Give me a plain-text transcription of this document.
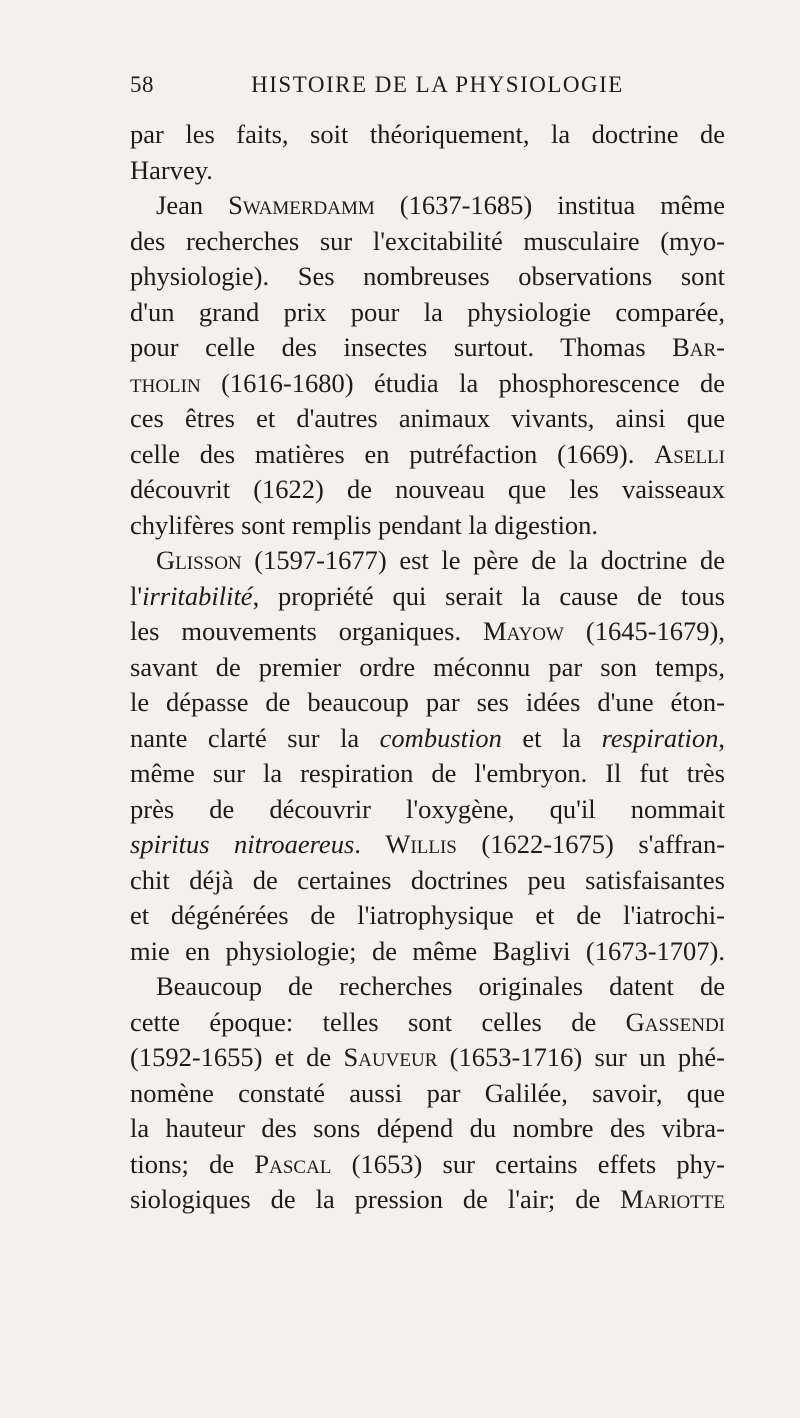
58	HISTOIRE DE LA PHYSIOLOGIE
par les faits, soit théoriquement, la doctrine de
Harvey.
Jean Swamerdamm (1637-1685) institua même
des recherches sur l'excitabilité musculaire (myo-
physiologie). Ses nombreuses observations sont
d'un grand prix pour la physiologie comparée,
pour celle des insectes surtout. Thomas Bar-
tholin (1616-1680) étudia la phosphorescence de
ces êtres et d'autres animaux vivants, ainsi que
celle des matières en putréfaction (1669). Aselli
découvrit (1622) de nouveau que les vaisseaux
chylifères sont remplis pendant la digestion.
Glisson (1597-1677) est le père de la doctrine de
l'irritabilité, propriété qui serait la cause de tous
les mouvements organiques. Mayow (1645-1679),
savant de premier ordre méconnu par son temps,
le dépasse de beaucoup par ses idées d'une éton-
nante clarté sur la combustion et la respiration,
même sur la respiration de l'embryon. Il fut très
près de découvrir l'oxygène, qu'il nommait
spiritus nitroaereus. Willis (1622-1675) s'affran-
chit déjà de certaines doctrines peu satisfaisantes
et dégénérées de l'iatrophysique et de l'iatrochi-
mie en physiologie; de même Baglivi (1673-1707).
Beaucoup de recherches originales datent de
cette époque: telles sont celles de Gassendi
(1592-1655) et de Sauveur (1653-1716) sur un phé-
nomène constaté aussi par Galilée, savoir, que
la hauteur des sons dépend du nombre des vibra-
tions; de Pascal (1653) sur certains effets phy-
siologiques de la pression de l'air; de Mariotte
